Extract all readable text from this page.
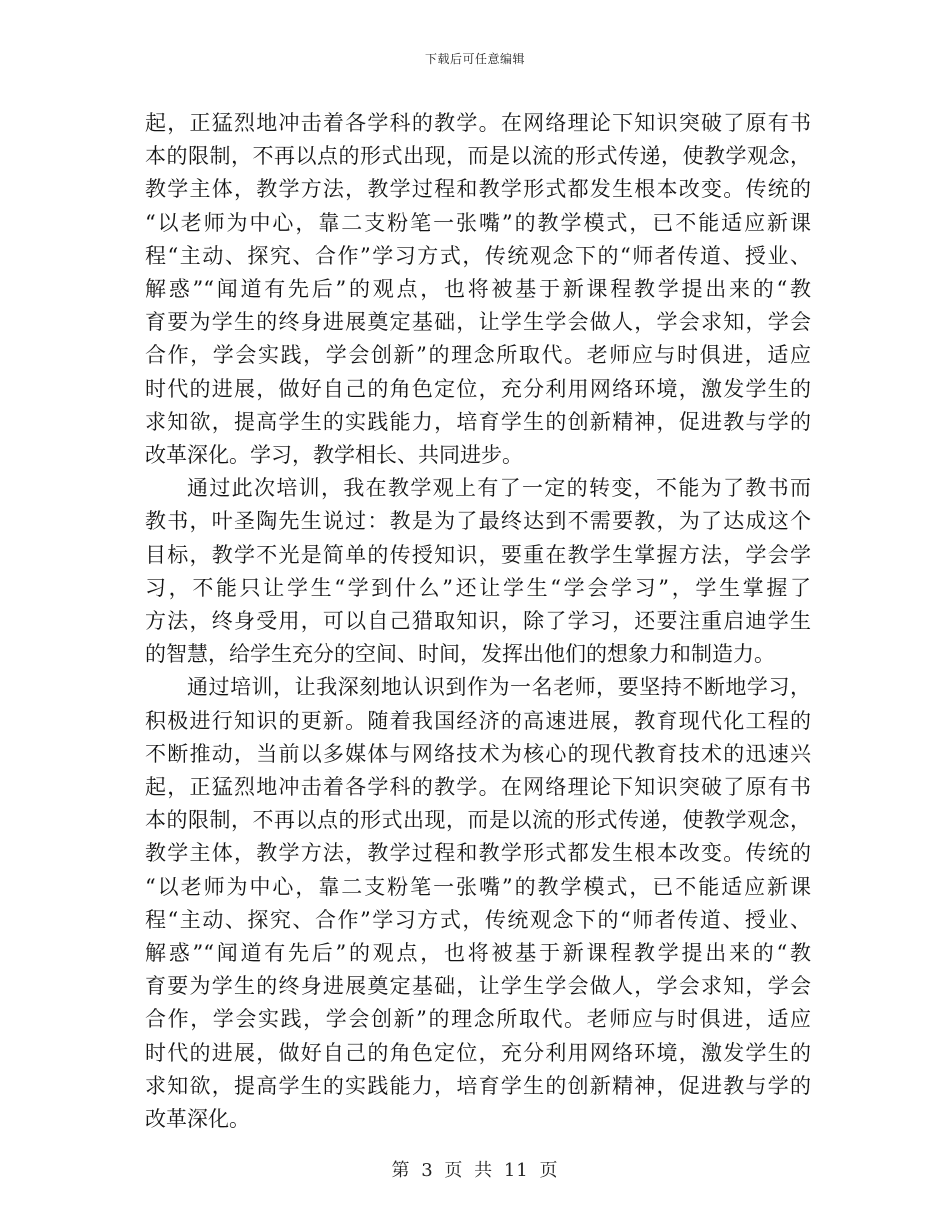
下载后可任意编辑
起，正猛烈地冲击着各学科的教学。在网络理论下知识突破了原有书
本的限制，不再以点的形式出现，而是以流的形式传递，使教学观念，
教学主体，教学方法，教学过程和教学形式都发生根本改变。传统的
“以老师为中心，靠二支粉笔一张嘴”的教学模式，已不能适应新课
程“主动、探究、合作”学习方式，传统观念下的“师者传道、授业、
解惑”“闻道有先后”的观点，也将被基于新课程教学提出来的“教
育要为学生的终身进展奠定基础，让学生学会做人，学会求知，学会
合作，学会实践，学会创新”的理念所取代。老师应与时俱进，适应
时代的进展，做好自己的角色定位，充分利用网络环境，激发学生的
求知欲，提高学生的实践能力，培育学生的创新精神，促进教与学的
改革深化。学习，教学相长、共同进步。
通过此次培训，我在教学观上有了一定的转变，不能为了教书而
教书，叶圣陶先生说过：教是为了最终达到不需要教，为了达成这个
目标，教学不光是简单的传授知识，要重在教学生掌握方法，学会学
习，不能只让学生“学到什么”还让学生“学会学习”，学生掌握了
方法，终身受用，可以自己猎取知识，除了学习，还要注重启迪学生
的智慧，给学生充分的空间、时间，发挥出他们的想象力和制造力。
通过培训，让我深刻地认识到作为一名老师，要坚持不断地学习，
积极进行知识的更新。随着我国经济的高速进展，教育现代化工程的
不断推动，当前以多媒体与网络技术为核心的现代教育技术的迅速兴
起，正猛烈地冲击着各学科的教学。在网络理论下知识突破了原有书
本的限制，不再以点的形式出现，而是以流的形式传递，使教学观念，
教学主体，教学方法，教学过程和教学形式都发生根本改变。传统的
“以老师为中心，靠二支粉笔一张嘴”的教学模式，已不能适应新课
程“主动、探究、合作”学习方式，传统观念下的“师者传道、授业、
解惑”“闻道有先后”的观点，也将被基于新课程教学提出来的“教
育要为学生的终身进展奠定基础，让学生学会做人，学会求知，学会
合作，学会实践，学会创新”的理念所取代。老师应与时俱进，适应
时代的进展，做好自己的角色定位，充分利用网络环境，激发学生的
求知欲，提高学生的实践能力，培育学生的创新精神，促进教与学的
改革深化。
第 3 页 共 11 页
